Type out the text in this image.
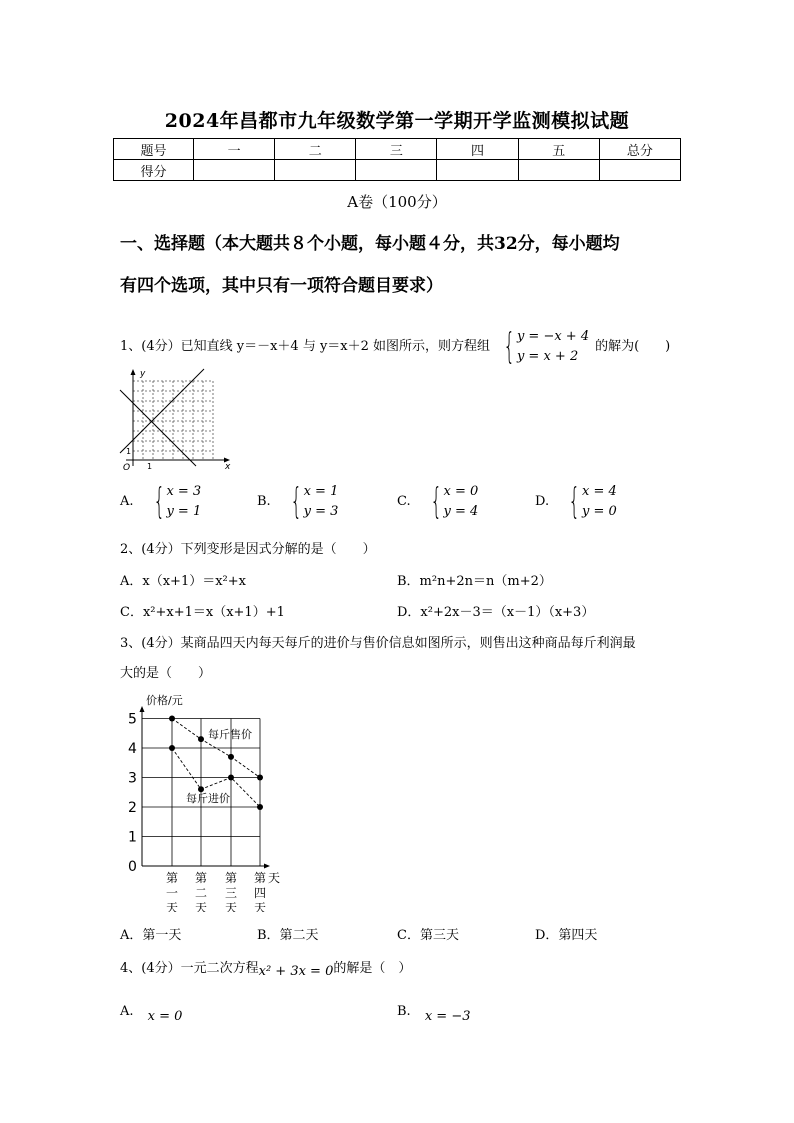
2024年昌都市九年级数学第一学期开学监测模拟试题
题号	一	二	三	四	五	总分
得分						
A卷（100分）
一、选择题（本大题共８个小题，每小题４分，共32分，每小题均
有四个选项，其中只有一项符合题目要求）
1、(4分）已知直线 y＝－x＋4 与 y＝x＋2 如图所示，则方程组 { y = −x + 4
y = x + 2
的解为(　　)
y
x
O 1
1
A. { x = 3
y = 1
B. { x = 1
y = 3
C. { x = 0
y = 4
D. { x = 4
y = 0
2、(4分）下列变形是因式分解的是（　　）
A．x（x+1）＝x²+x	B．m²n+2n＝n（m+2）
C．x²+x+1＝x（x+1）+1	D．x²+2x－3＝（x－1）（x+3）
3、(4分）某商品四天内每天每斤的进价与售价信息如图所示，则售出这种商品每斤利润最
大的是（　　）
价格/元
天
5
4
3
2
1
0
第
一
天
第
二
天
第
三
天
第
四
天
每斤售价
每斤进价
A．第一天	B．第二天	C．第三天	D．第四天
4、(4分）一元二次方程 x² + 3x = 0 的解是（　）
A. x = 0	B. x = −3
